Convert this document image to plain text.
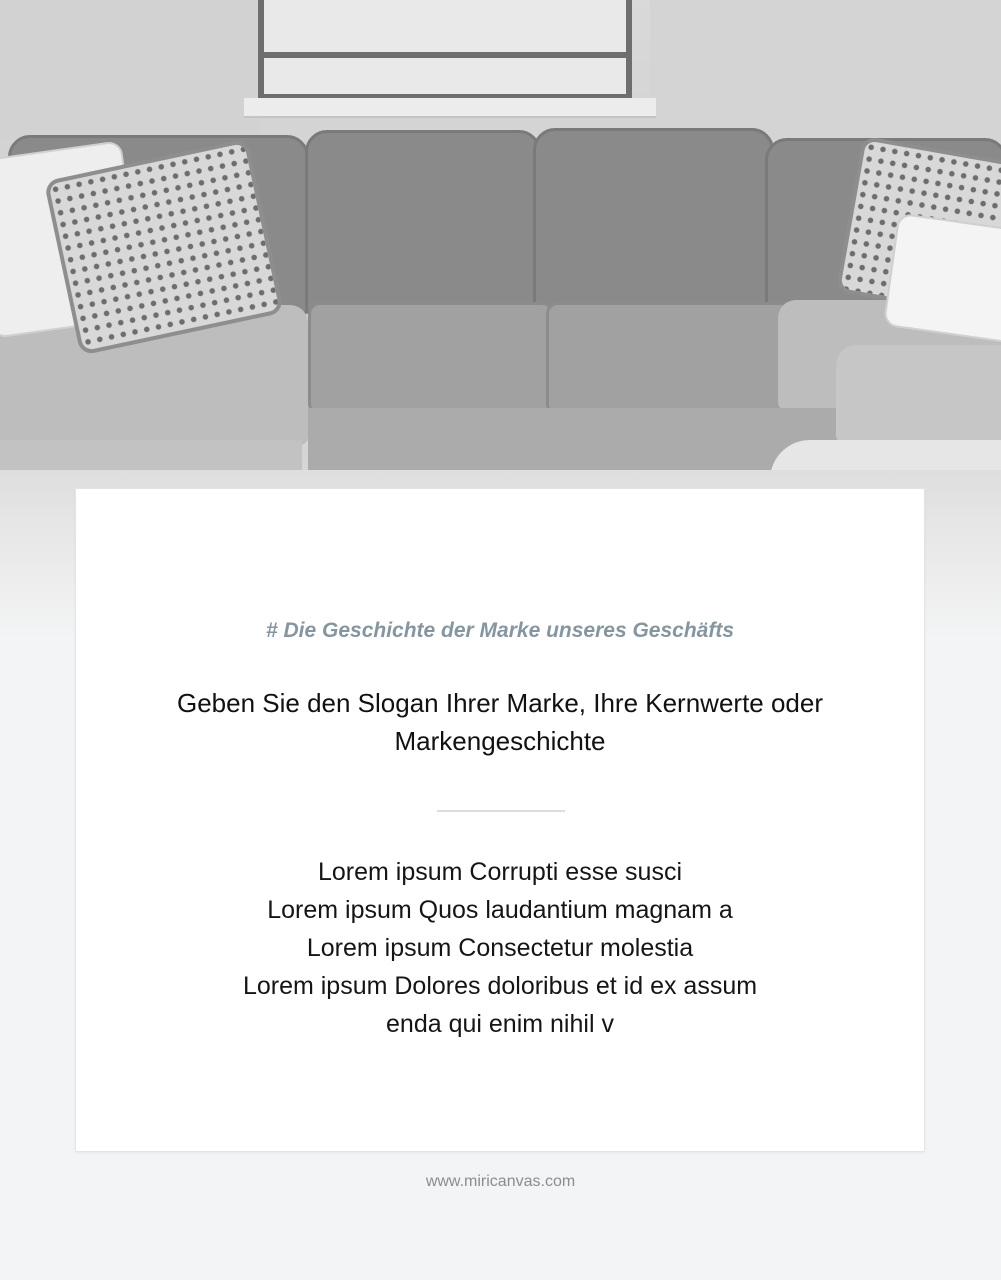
# Die Geschichte der Marke unseres Geschäfts
Geben Sie den Slogan Ihrer Marke, Ihre Kernwerte oder Markengeschichte
Lorem ipsum Corrupti esse susci
Lorem ipsum Quos laudantium magnam a
Lorem ipsum Consectetur molestia
Lorem ipsum Dolores doloribus et id ex assum
enda qui enim nihil v
www.miricanvas.com
